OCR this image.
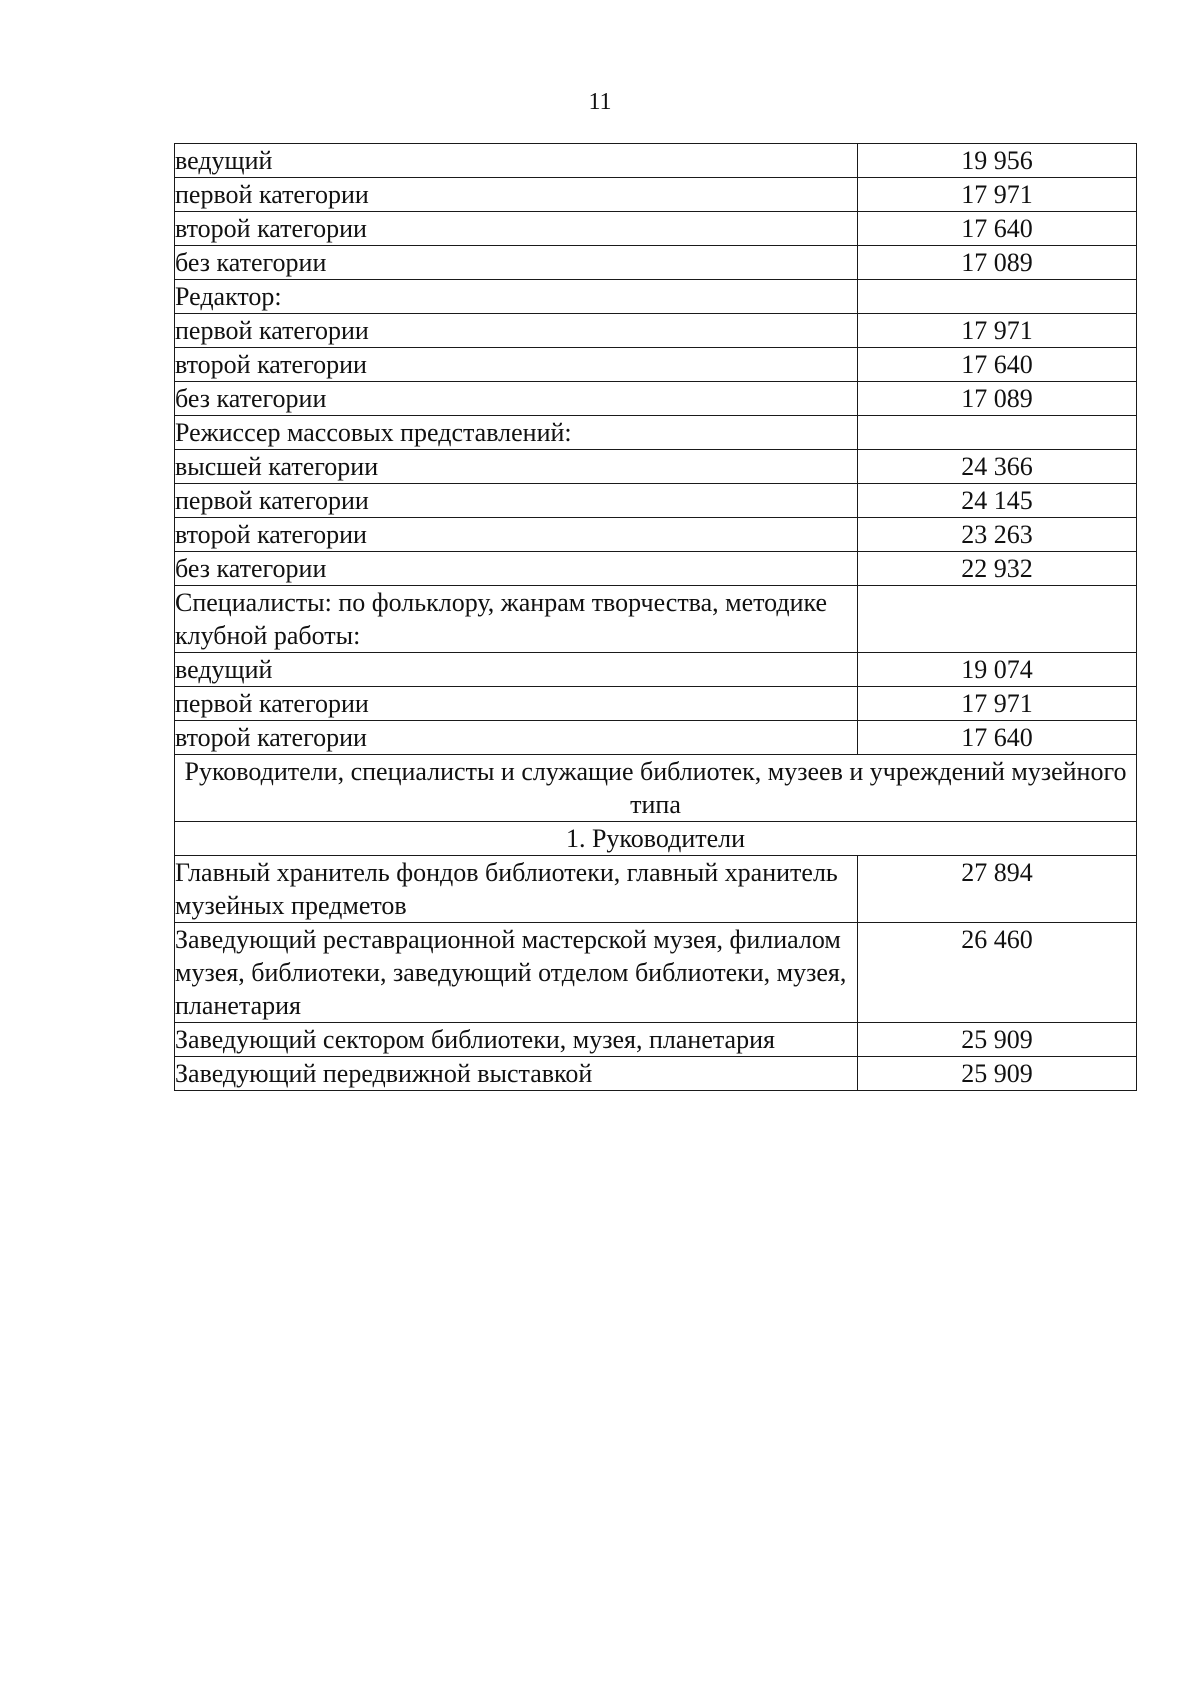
11
ведущий	19 956
первой категории	17 971
второй категории	17 640
без категории	17 089
Редактор:	
первой категории	17 971
второй категории	17 640
без категории	17 089
Режиссер массовых представлений:	
высшей категории	24 366
первой категории	24 145
второй категории	23 263
без категории	22 932
Специалисты: по фольклору, жанрам творчества, методике клубной работы:	
ведущий	19 074
первой категории	17 971
второй категории	17 640
Руководители, специалисты и служащие библиотек, музеев и учреждений музейного типа	
1. Руководители	
Главный хранитель фондов библиотеки, главный хранитель музейных предметов	27 894
Заведующий реставрационной мастерской музея, филиалом музея, библиотеки, заведующий отделом библиотеки, музея, планетария	26 460
Заведующий сектором библиотеки, музея, планетария	25 909
Заведующий передвижной выставкой	25 909
